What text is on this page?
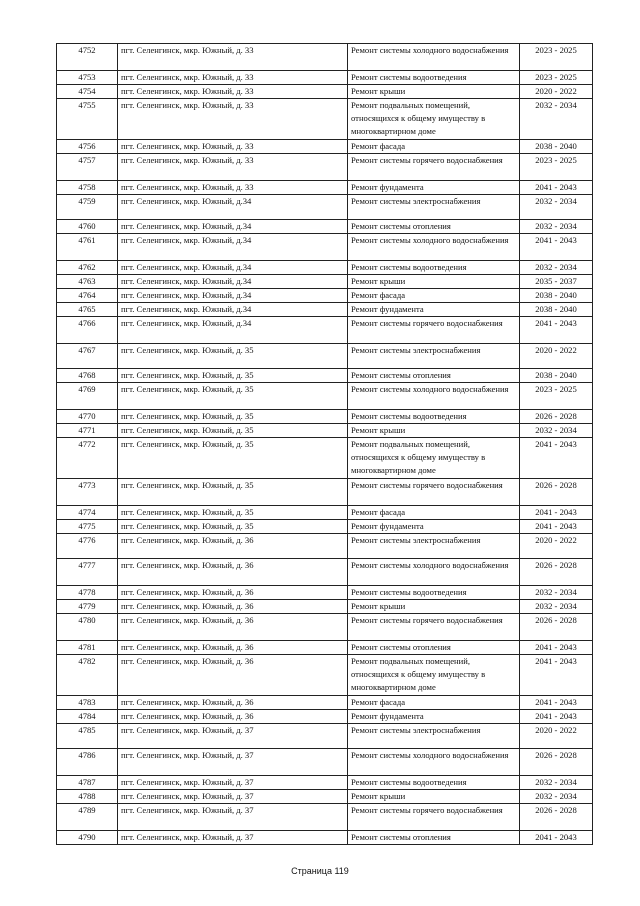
4752	пгт. Селенгинск, мкр. Южный, д. 33	Ремонт системы холодного водоснабжения	2023 - 2025
4753	пгт. Селенгинск, мкр. Южный, д. 33	Ремонт системы водоотведения	2023 - 2025
4754	пгт. Селенгинск, мкр. Южный, д. 33	Ремонт крыши	2020 - 2022
4755	пгт. Селенгинск, мкр. Южный, д. 33	Ремонт подвальных помещений, относящихся к общему имуществу в многоквартирном доме	2032 - 2034
4756	пгт. Селенгинск, мкр. Южный, д. 33	Ремонт фасада	2038 - 2040
4757	пгт. Селенгинск, мкр. Южный, д. 33	Ремонт системы горячего водоснабжения	2023 - 2025
4758	пгт. Селенгинск, мкр. Южный, д. 33	Ремонт фундамента	2041 - 2043
4759	пгт. Селенгинск, мкр. Южный, д.34	Ремонт системы электроснабжения	2032 - 2034
4760	пгт. Селенгинск, мкр. Южный, д.34	Ремонт системы отопления	2032 - 2034
4761	пгт. Селенгинск, мкр. Южный, д.34	Ремонт системы холодного водоснабжения	2041 - 2043
4762	пгт. Селенгинск, мкр. Южный, д.34	Ремонт системы водоотведения	2032 - 2034
4763	пгт. Селенгинск, мкр. Южный, д.34	Ремонт крыши	2035 - 2037
4764	пгт. Селенгинск, мкр. Южный, д.34	Ремонт фасада	2038 - 2040
4765	пгт. Селенгинск, мкр. Южный, д.34	Ремонт фундамента	2038 - 2040
4766	пгт. Селенгинск, мкр. Южный, д.34	Ремонт системы горячего водоснабжения	2041 - 2043
4767	пгт. Селенгинск, мкр. Южный, д. 35	Ремонт системы электроснабжения	2020 - 2022
4768	пгт. Селенгинск, мкр. Южный, д. 35	Ремонт системы отопления	2038 - 2040
4769	пгт. Селенгинск, мкр. Южный, д. 35	Ремонт системы холодного водоснабжения	2023 - 2025
4770	пгт. Селенгинск, мкр. Южный, д. 35	Ремонт системы водоотведения	2026 - 2028
4771	пгт. Селенгинск, мкр. Южный, д. 35	Ремонт крыши	2032 - 2034
4772	пгт. Селенгинск, мкр. Южный, д. 35	Ремонт подвальных помещений, относящихся к общему имуществу в многоквартирном доме	2041 - 2043
4773	пгт. Селенгинск, мкр. Южный, д. 35	Ремонт системы горячего водоснабжения	2026 - 2028
4774	пгт. Селенгинск, мкр. Южный, д. 35	Ремонт фасада	2041 - 2043
4775	пгт. Селенгинск, мкр. Южный, д. 35	Ремонт фундамента	2041 - 2043
4776	пгт. Селенгинск, мкр. Южный, д. 36	Ремонт системы электроснабжения	2020 - 2022
4777	пгт. Селенгинск, мкр. Южный, д. 36	Ремонт системы холодного водоснабжения	2026 - 2028
4778	пгт. Селенгинск, мкр. Южный, д. 36	Ремонт системы водоотведения	2032 - 2034
4779	пгт. Селенгинск, мкр. Южный, д. 36	Ремонт крыши	2032 - 2034
4780	пгт. Селенгинск, мкр. Южный, д. 36	Ремонт системы горячего водоснабжения	2026 - 2028
4781	пгт. Селенгинск, мкр. Южный, д. 36	Ремонт системы отопления	2041 - 2043
4782	пгт. Селенгинск, мкр. Южный, д. 36	Ремонт подвальных помещений, относящихся к общему имуществу в многоквартирном доме	2041 - 2043
4783	пгт. Селенгинск, мкр. Южный, д. 36	Ремонт фасада	2041 - 2043
4784	пгт. Селенгинск, мкр. Южный, д. 36	Ремонт фундамента	2041 - 2043
4785	пгт. Селенгинск, мкр. Южный, д. 37	Ремонт системы электроснабжения	2020 - 2022
4786	пгт. Селенгинск, мкр. Южный, д. 37	Ремонт системы холодного водоснабжения	2026 - 2028
4787	пгт. Селенгинск, мкр. Южный, д. 37	Ремонт системы водоотведения	2032 - 2034
4788	пгт. Селенгинск, мкр. Южный, д. 37	Ремонт крыши	2032 - 2034
4789	пгт. Селенгинск, мкр. Южный, д. 37	Ремонт системы горячего водоснабжения	2026 - 2028
4790	пгт. Селенгинск, мкр. Южный, д. 37	Ремонт системы отопления	2041 - 2043
Страница 119
